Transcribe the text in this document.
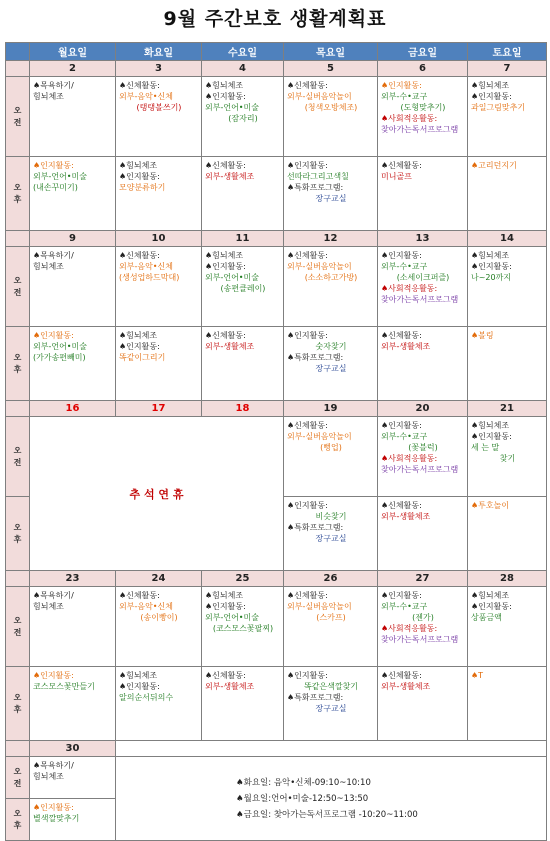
9월 주간보호 생활계획표
	월요일	화요일	수요일	목요일	금요일	토요일
	2	3	4	5	6	7

오
전	♠목욕하기/
힘뇌체조	♠신체활동:
외부-음악•신체
(탱탱볼쓰기)	♠힘뇌체조
♠인지활동:
외부-언어•미술
(잠자리)	♠신체활동:
외부-실버음악놀이
(청색오방체조)	♠인지활동:
외부-수•교구
(도형맞추기)
♠사회적응활동:
찾아가는독서프로그램	♠힘뇌체조
♠인지활동:
과일그림맞추기

오
후	♠인지활동:
외부-언어•미술
(내손꾸미기)	♠힘뇌체조
♠인지활동:
모양분류하기	♠신체활동:
외부-생활체조	♠인지활동:
선따라그리고색칠
♠특화프로그램:
장구교실	♠신체활동:
미니골프	♠고리던지기

	9	10	11	12	13	14

오
전	♠목욕하기/
힘뇌체조	♠신체활동:
외부-음악•신체
(생성업하드막대)	♠힘뇌체조
♠인지활동:
외부-언어•미술
(송편클레이)	♠신체활동:
외부-실버음악놀이
(소소하고가방)	♠인지활동:
외부-수•교구
(소세이크퍼즐)
♠사회적응활동:
찾아가는독서프로그램	♠힘뇌체조
♠인지활동:
나~20까지

오
후	♠인지활동:
외부-언어•미술
(가가송편빼미)	♠힘뇌체조
♠인지활동:
똑같이그리기	♠신체활동:
외부-생활체조	♠인지활동:
숫자찾기
♠특화프로그램:
장구교실	♠신체활동:
외부-생활체조	♠볼링

	16	17	18	19	20	21

오
전	추 석 연 휴			♠신체활동:
외부-실버음악놀이
(뻥업)	♠인지활동:
외부-수•교구
(꽃블럭)
♠사회적응활동:
찾아가는독서프로그램	♠힘뇌체조
♠인지활동:
세 는 말
찾기

오
후				♠인지활동:
비슷찾기
♠특화프로그램:
장구교실	♠신체활동:
외부-생활체조	♠투호놀이

	23	24	25	26	27	28

오
전	♠목욕하기/
힘뇌체조	♠신체활동:
외부-음악•신체
(송이빵이)	♠힘뇌체조
♠인지활동:
외부-언어•미술
(코스모스꽃팔찌)	♠신체활동:
외부-실버음악놀이
(스카프)	♠인지활동:
외부-수•교구
(젠가)
♠사회적응활동:
찾아가는독서프로그램	♠힘뇌체조
♠인지활동:
상품금액

오
후	♠인지활동:
코스모스꽃만들기	♠힘뇌체조
♠인지활동:
알의순서뒤의수	♠신체활동:
외부-생활체조	♠인지활동:
똑같은색깔찾기
♠특화프로그램:
장구교실	♠신체활동:
외부-생활체조	♠T

	30					

오
전	♠목욕하기/
힘뇌체조	♠화요일: 음악•신체-09:10~10:10
♠월요일:언어•미술-12:50~13:50
♠금요일: 찾아가는독서프로그램 -10:20~11:00				

오
후	♠인지활동:
별색깔맞추기					
